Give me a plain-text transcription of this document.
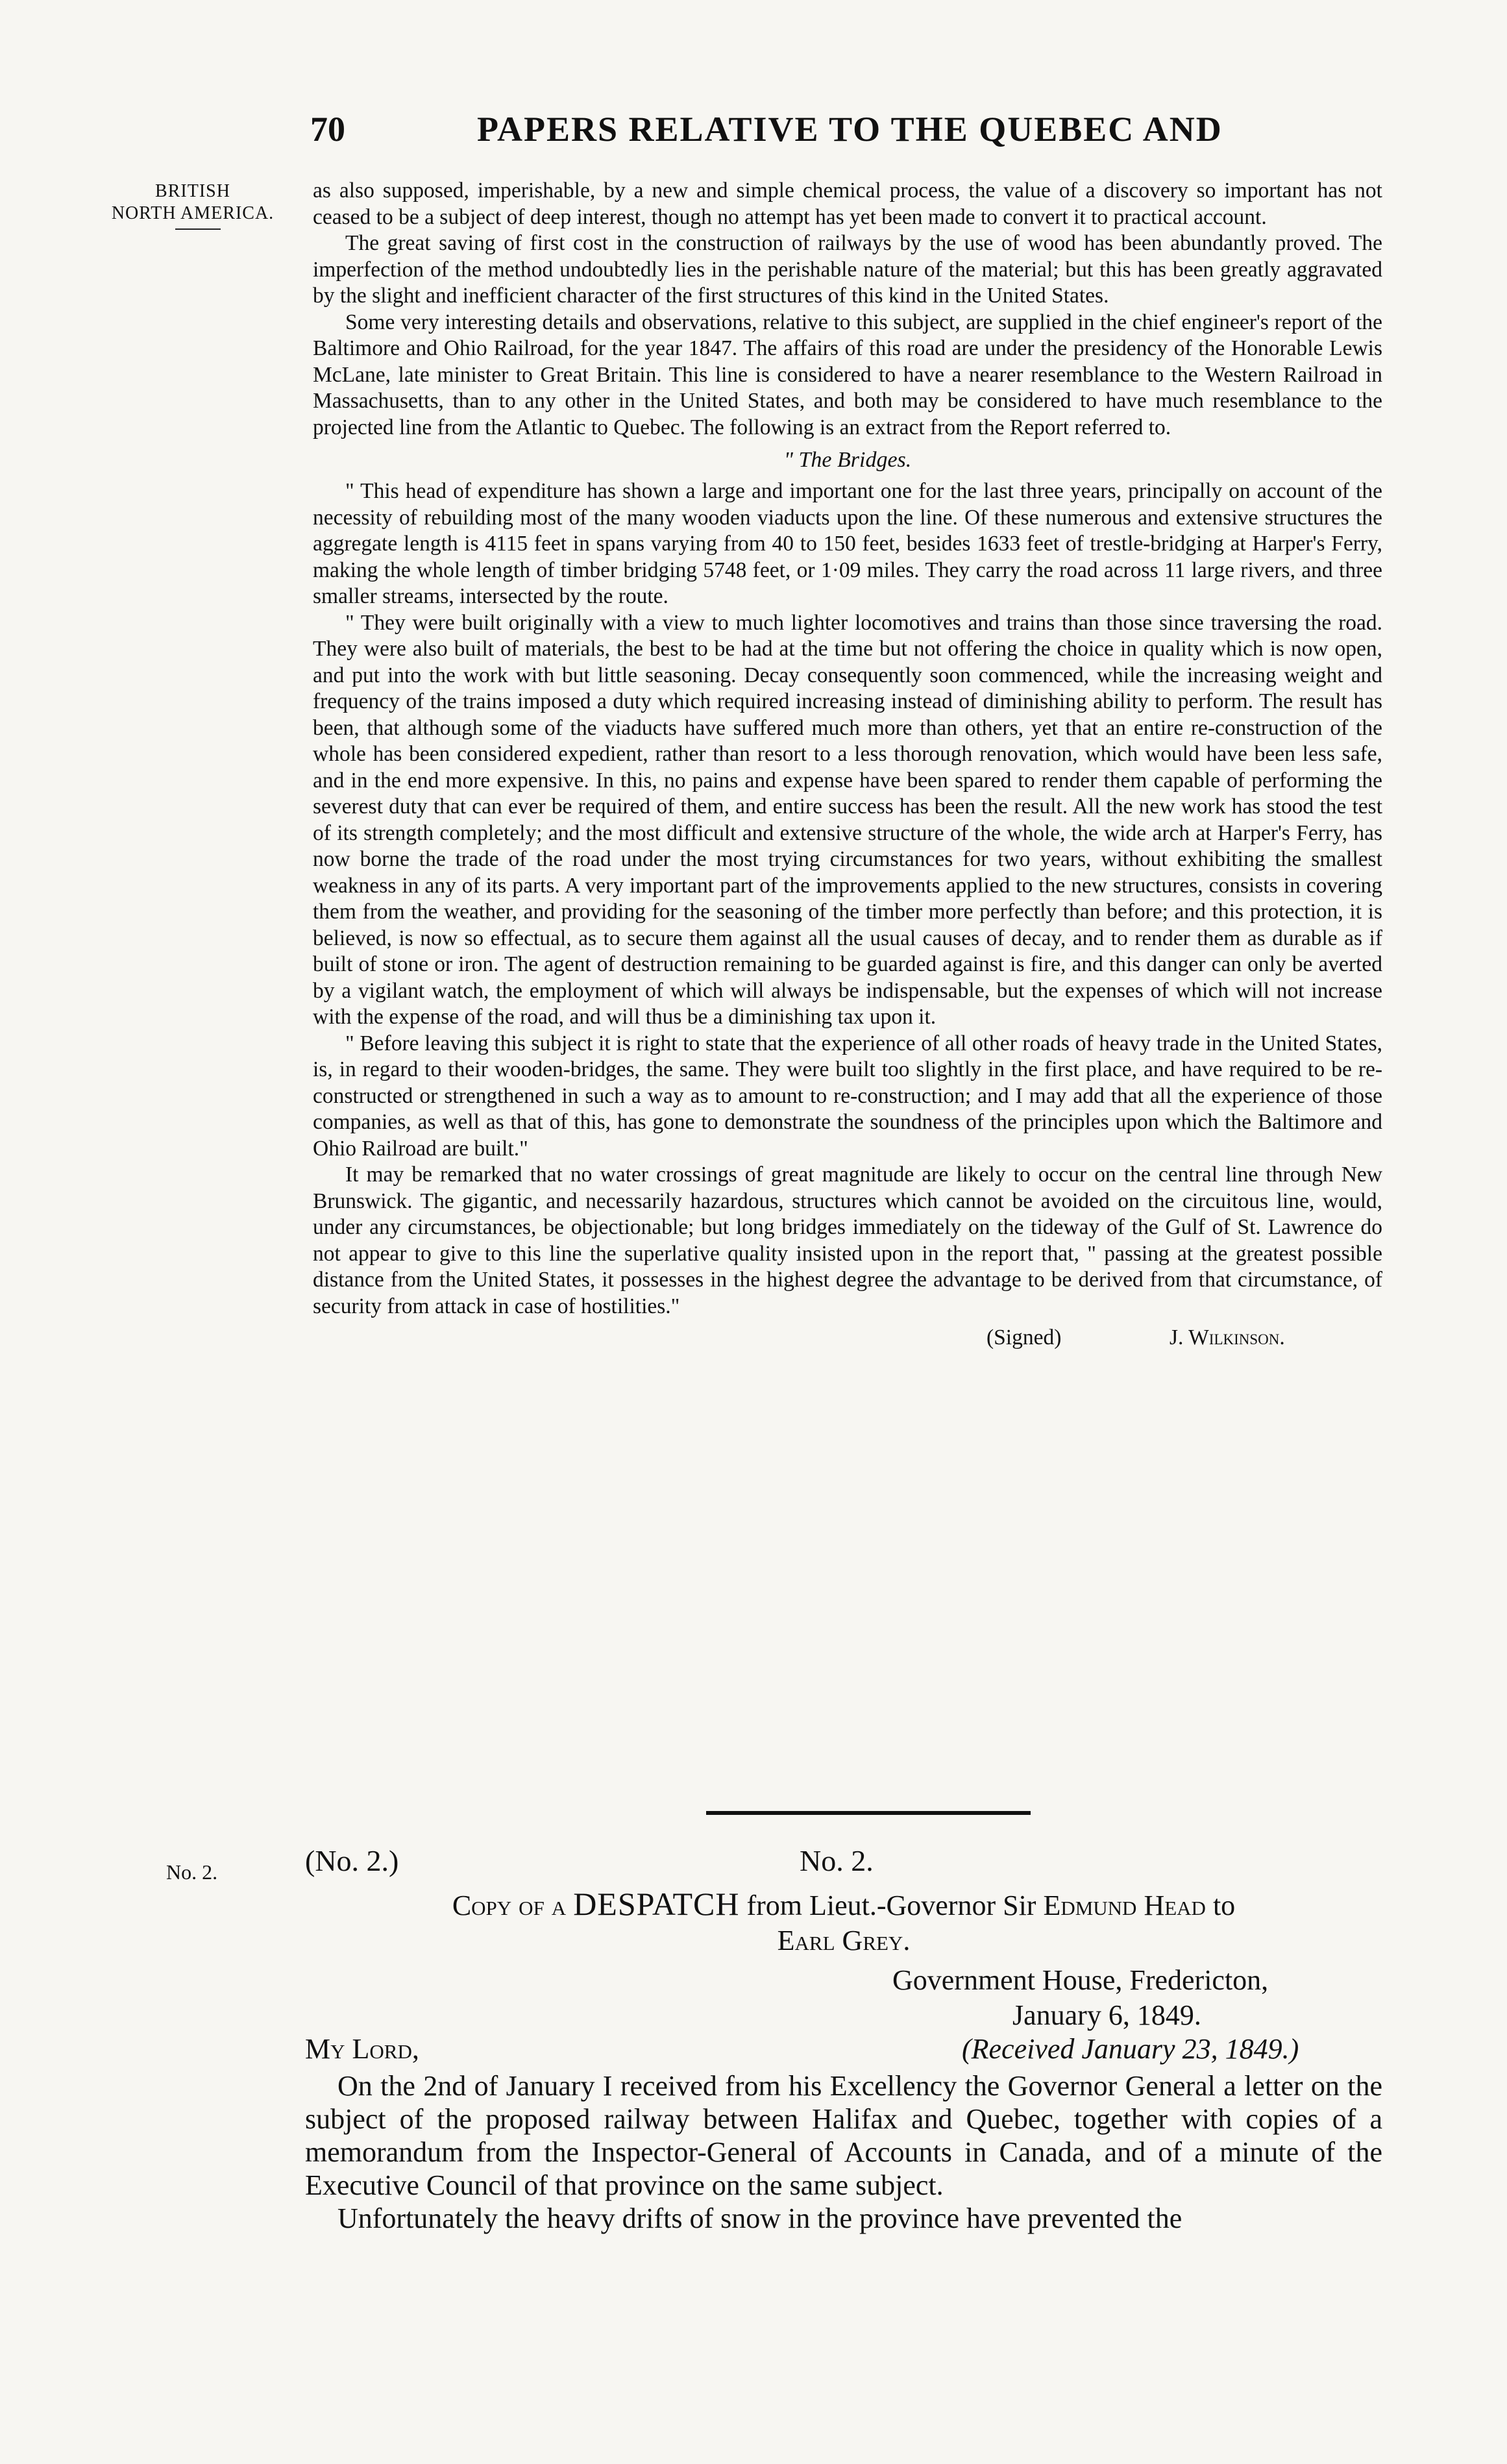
70	PAPERS RELATIVE TO THE QUEBEC AND
BRITISH
NORTH AMERICA.

as also supposed, imperishable, by a new and simple chemical process, the value of a discovery so important has not ceased to be a subject of deep interest, though no attempt has yet been made to convert it to practical account.

The great saving of first cost in the construction of railways by the use of wood has been abundantly proved. The imperfection of the method undoubtedly lies in the perishable nature of the material; but this has been greatly aggravated by the slight and inefficient character of the first structures of this kind in the United States.

Some very interesting details and observations, relative to this subject, are supplied in the chief engineer's report of the Baltimore and Ohio Railroad, for the year 1847. The affairs of this road are under the presidency of the Honorable Lewis McLane, late minister to Great Britain. This line is considered to have a nearer resemblance to the Western Railroad in Massachusetts, than to any other in the United States, and both may be considered to have much resemblance to the projected line from the Atlantic to Quebec. The following is an extract from the Report referred to.

" The Bridges.

" This head of expenditure has shown a large and important one for the last three years, principally on account of the necessity of rebuilding most of the many wooden viaducts upon the line. Of these numerous and extensive structures the aggregate length is 4115 feet in spans varying from 40 to 150 feet, besides 1633 feet of trestle-bridging at Harper's Ferry, making the whole length of timber bridging 5748 feet, or 1·09 miles. They carry the road across 11 large rivers, and three smaller streams, intersected by the route.

" They were built originally with a view to much lighter locomotives and trains than those since traversing the road. They were also built of materials, the best to be had at the time but not offering the choice in quality which is now open, and put into the work with but little seasoning. Decay consequently soon commenced, while the increasing weight and frequency of the trains imposed a duty which required increasing instead of diminishing ability to perform. The result has been, that although some of the viaducts have suffered much more than others, yet that an entire re-construction of the whole has been considered expedient, rather than resort to a less thorough renovation, which would have been less safe, and in the end more expensive. In this, no pains and expense have been spared to render them capable of performing the severest duty that can ever be required of them, and entire success has been the result. All the new work has stood the test of its strength completely; and the most difficult and extensive structure of the whole, the wide arch at Harper's Ferry, has now borne the trade of the road under the most trying circumstances for two years, without exhibiting the smallest weakness in any of its parts. A very important part of the improvements applied to the new structures, consists in covering them from the weather, and providing for the seasoning of the timber more perfectly than before; and this protection, it is believed, is now so effectual, as to secure them against all the usual causes of decay, and to render them as durable as if built of stone or iron. The agent of destruction remaining to be guarded against is fire, and this danger can only be averted by a vigilant watch, the employment of which will always be indispensable, but the expenses of which will not increase with the expense of the road, and will thus be a diminishing tax upon it.

" Before leaving this subject it is right to state that the experience of all other roads of heavy trade in the United States, is, in regard to their wooden-bridges, the same. They were built too slightly in the first place, and have required to be re-constructed or strengthened in such a way as to amount to re-construction; and I may add that all the experience of those companies, as well as that of this, has gone to demonstrate the soundness of the principles upon which the Baltimore and Ohio Railroad are built."

It may be remarked that no water crossings of great magnitude are likely to occur on the central line through New Brunswick. The gigantic, and necessarily hazardous, structures which cannot be avoided on the circuitous line, would, under any circumstances, be objectionable; but long bridges immediately on the tideway of the Gulf of St. Lawrence do not appear to give to this line the superlative quality insisted upon in the report that, " passing at the greatest possible distance from the United States, it possesses in the highest degree the advantage to be derived from that circumstance, of security from attack in case of hostilities."

(Signed)	J. Wilkinson.
No. 2.	(No. 2.)	No. 2.
Copy of a DESPATCH from Lieut.-Governor Sir Edmund Head to
Earl Grey.
Government House, Fredericton,
January 6, 1849.
My Lord,	(Received January 23, 1849.)

On the 2nd of January I received from his Excellency the Governor General a letter on the subject of the proposed railway between Halifax and Quebec, together with copies of a memorandum from the Inspector-General of Accounts in Canada, and of a minute of the Executive Council of that province on the same subject.

Unfortunately the heavy drifts of snow in the province have prevented the
